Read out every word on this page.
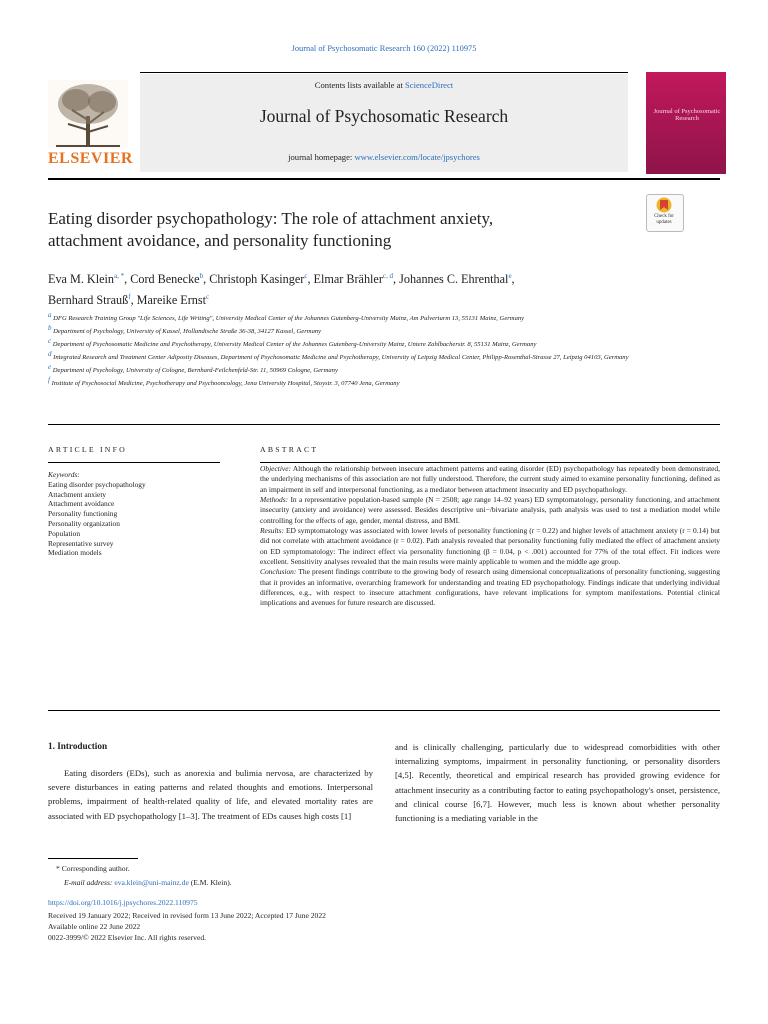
Journal of Psychosomatic Research 160 (2022) 110975
ELSEVIER
Contents lists available at ScienceDirect
Journal of Psychosomatic Research
journal homepage: www.elsevier.com/locate/jpsychores
Journal of Psychosomatic Research
Check for updates
Eating disorder psychopathology: The role of attachment anxiety,
attachment avoidance, and personality functioning
Eva M. Klein$^{a, *}$, Cord Benecke$^b$, Christoph Kasinger$^c$, Elmar Brähler$^{c, d}$, Johannes C. Ehrenthal$^e$,
Bernhard Strauß$^f$, Mareike Ernst$^c$
$^a$ DFG Research Training Group "Life Sciences, Life Writing", University Medical Center of the Johannes Gutenberg-University Mainz, Am Pulverturm 13, 55131 Mainz, Germany
$^b$ Department of Psychology, University of Kassel, Hollandische Straße 36-38, 34127 Kassel, Germany
$^c$ Department of Psychosomatic Medicine and Psychotherapy, University Medical Center of the Johannes Gutenberg-University Mainz, Untere Zahlbacherstr. 8, 55131 Mainz, Germany
$^d$ Integrated Research and Treatment Center Adiposity Diseases, Department of Psychosomatic Medicine and Psychotherapy, University of Leipzig Medical Center, Philipp-Rosenthal-Strasse 27, Leipzig 04103, Germany
$^e$ Department of Psychology, University of Cologne, Bernhard-Feilchenfeld-Str. 11, 50969 Cologne, Germany
$^f$ Institute of Psychosocial Medicine, Psychotherapy and Psychooncology, Jena University Hospital, Stoystr. 3, 07740 Jena, Germany
ARTICLE INFO
Keywords:
Eating disorder psychopathology
Attachment anxiety
Attachment avoidance
Personality functioning
Personality organization
Population
Representative survey
Mediation models
ABSTRACT
Objective: Although the relationship between insecure attachment patterns and eating disorder (ED) psychopathology has repeatedly been demonstrated, the underlying mechanisms of this association are not fully understood. Therefore, the current study aimed to examine personality functioning, defined as an impairment in self and interpersonal functioning, as a mediator between attachment insecurity and ED psychopathology.
Methods: In a representative population-based sample (N = 2508; age range 14–92 years) ED symptomatology, personality functioning, and attachment insecurity (anxiety and avoidance) were assessed. Besides descriptive uni−/bivariate analysis, path analysis was used to test a mediation model while controlling for the effects of age, gender, mental distress, and BMI.
Results: ED symptomatology was associated with lower levels of personality functioning (r = 0.22) and higher levels of attachment anxiety (r = 0.14) but did not correlate with attachment avoidance (r = 0.02). Path analysis revealed that personality functioning fully mediated the effect of attachment anxiety on ED symptomatology: The indirect effect via personality functioning (β = 0.04, p < .001) accounted for 77% of the total effect. Fit indices were excellent. Sensitivity analyses revealed that the main results were mainly applicable to women and the middle age group.
Conclusion: The present findings contribute to the growing body of research using dimensional conceptualizations of personality functioning, suggesting that it provides an informative, overarching framework for understanding and treating ED psychopathology. Findings indicate that underlying individual differences, e.g., with respect to insecure attachment configurations, have relevant implications for symptom manifestations. Potential clinical implications and avenues for future research are discussed.
1. Introduction
Eating disorders (EDs), such as anorexia and bulimia nervosa, are characterized by severe disturbances in eating patterns and related thoughts and emotions. Interpersonal problems, impairment of health-related quality of life, and elevated mortality rates are associated with ED psychopathology [1–3]. The treatment of EDs causes high costs [1]
and is clinically challenging, particularly due to widespread comorbidities with other internalizing symptoms, impairment in personality functioning, or personality disorders [4,5]. Recently, theoretical and empirical research has provided growing evidence for attachment insecurity as a contributing factor to eating psychopathology's onset, persistence, and clinical course [6,7]. However, much less is known about whether personality functioning is a mediating variable in the
* Corresponding author.
E-mail address: eva.klein@uni-mainz.de (E.M. Klein).
https://doi.org/10.1016/j.jpsychores.2022.110975
Received 19 January 2022; Received in revised form 13 June 2022; Accepted 17 June 2022
Available online 22 June 2022
0022-3999/© 2022 Elsevier Inc. All rights reserved.
